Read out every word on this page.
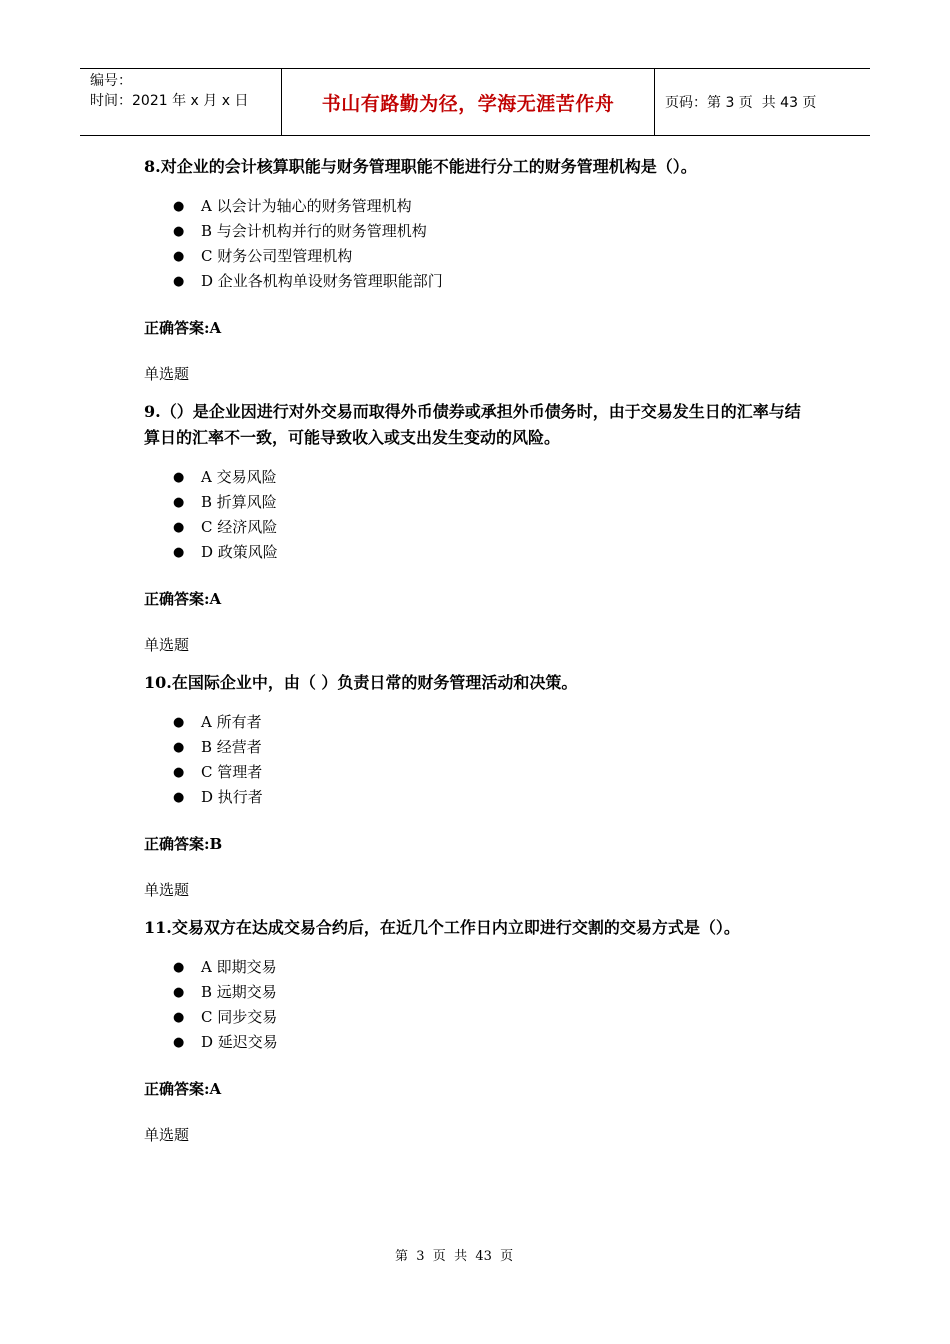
编号：
时间：2021 年 x 月 x 日	书山有路勤为径，学海无涯苦作舟	页码：第 3 页  共 43 页

8.对企业的会计核算职能与财务管理职能不能进行分工的财务管理机构是（）。

● A 以会计为轴心的财务管理机构
● B 与会计机构并行的财务管理机构
● C 财务公司型管理机构
● D 企业各机构单设财务管理职能部门

正确答案:A

单选题

9.（）是企业因进行对外交易而取得外币债券或承担外币债务时，由于交易发生日的汇率与结算日的汇率不一致，可能导致收入或支出发生变动的风险。

● A 交易风险
● B 折算风险
● C 经济风险
● D 政策风险

正确答案:A

单选题

10.在国际企业中，由（ ）负责日常的财务管理活动和决策。

● A 所有者
● B 经营者
● C 管理者
● D 执行者

正确答案:B

单选题

11.交易双方在达成交易合约后，在近几个工作日内立即进行交割的交易方式是（）。

● A 即期交易
● B 远期交易
● C 同步交易
● D 延迟交易

正确答案:A

单选题

第  3  页  共  43  页
